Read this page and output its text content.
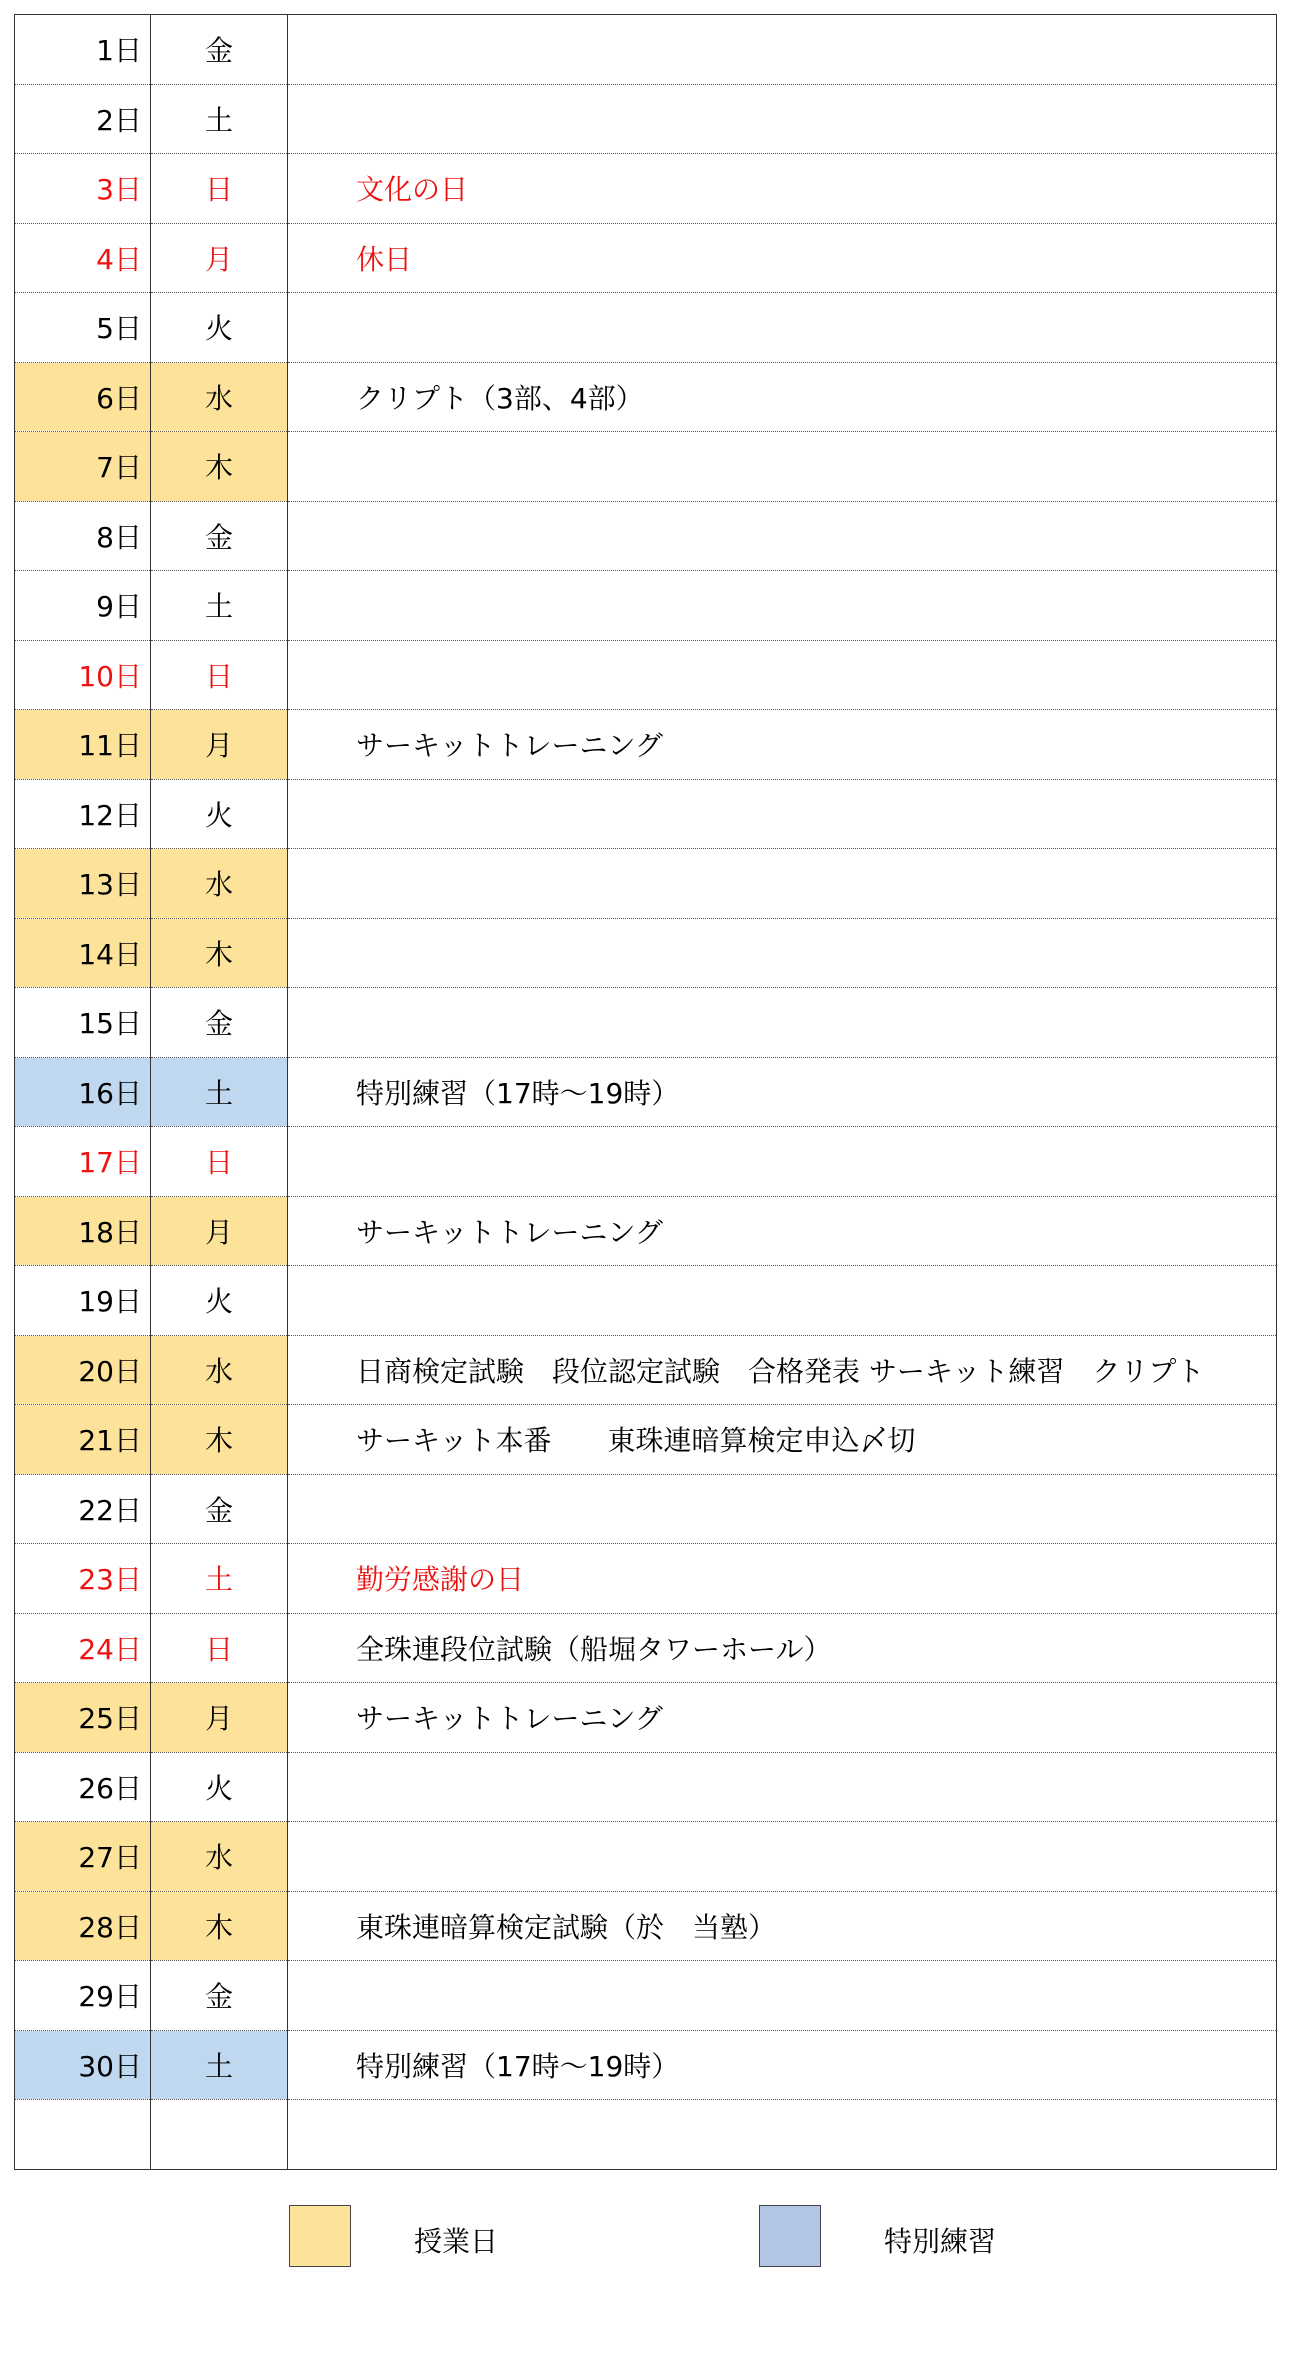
1日	金	
2日	土	
3日	日	文化の日
4日	月	休日
5日	火	
6日	水	クリプト（3部、4部）
7日	木	
8日	金	
9日	土	
10日	日	
11日	月	サーキットトレーニング
12日	火	
13日	水	
14日	木	
15日	金	
16日	土	特別練習（17時～19時）
17日	日	
18日	月	サーキットトレーニング
19日	火	
20日	水	日商検定試験　段位認定試験　合格発表 サーキット練習　クリプト
21日	木	サーキット本番　　東珠連暗算検定申込〆切
22日	金	
23日	土	勤労感謝の日
24日	日	全珠連段位試験（船堀タワーホール）
25日	月	サーキットトレーニング
26日	火	
27日	水	
28日	木	東珠連暗算検定試験（於　当塾）
29日	金	
30日	土	特別練習（17時～19時）

授業日	特別練習
